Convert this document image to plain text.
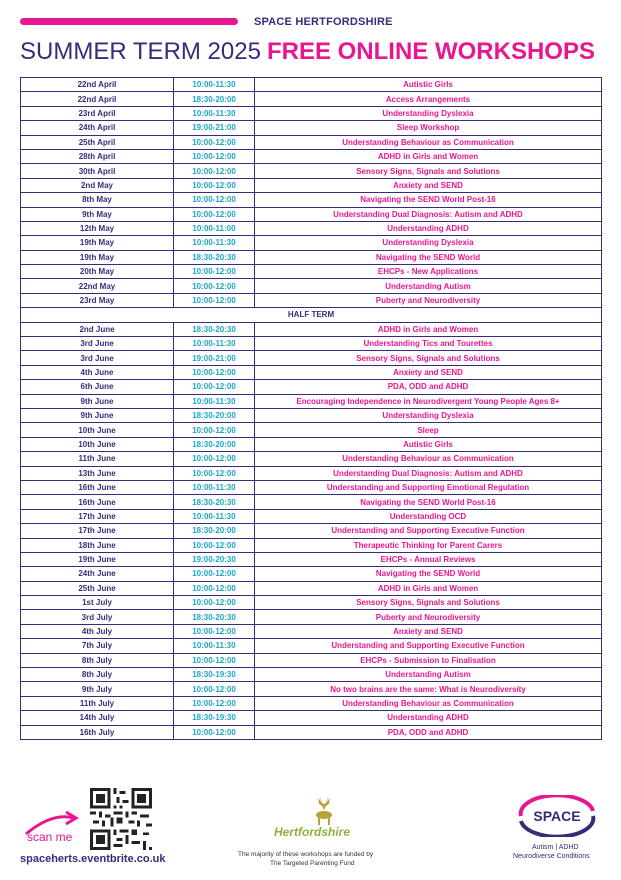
SPACE HERTFORDSHIRE
SUMMER TERM 2025 FREE ONLINE WORKSHOPS
22nd April	10:00-11:30	Autistic Girls
22nd April	18:30-20:00	Access Arrangements
23rd April	10:00-11:30	Understanding Dyslexia
24th April	19:00-21:00	Sleep Workshop
25th April	10:00-12:00	Understanding Behaviour as Communication
28th April	10:00-12:00	ADHD in Girls and Women
30th April	10:00-12:00	Sensory Signs, Signals and Solutions
2nd May	10:00-12:00	Anxiety and SEND
8th May	10:00-12:00	Navigating the SEND World Post-16
9th May	10:00-12:00	Understanding Dual Diagnosis: Autism and ADHD
12th May	10:00-11:00	Understanding ADHD
19th May	10:00-11:30	Understanding Dyslexia
19th May	18:30-20:30	Navigating the SEND World
20th May	10:00-12:00	EHCPs - New Applications
22nd May	10:00-12:00	Understanding Autism
23rd May	10:00-12:00	Puberty and Neurodiversity
HALF TERM		
2nd June	18:30-20:30	ADHD in Girls and Women
3rd June	10:00-11:30	Understanding Tics and Tourettes
3rd June	19:00-21:00	Sensory Signs, Signals and Solutions
4th June	10:00-12:00	Anxiety and SEND
6th June	10:00-12:00	PDA, ODD and ADHD
9th June	10:00-11:30	Encouraging Independence in Neurodivergent Young People Ages 8+
9th June	18:30-20:00	Understanding Dyslexia
10th June	10:00-12:00	Sleep
10th June	18:30-20:00	Autistic Girls
11th June	10:00-12:00	Understanding Behaviour as Communication
13th June	10:00-12:00	Understanding Dual Diagnosis: Autism and ADHD
16th June	10:00-11:30	Understanding and Supporting Emotional Regulation
16th June	18:30-20:30	Navigating the SEND World Post-16
17th June	10:00-11:30	Understanding OCD
17th June	18:30-20:00	Understanding and Supporting Executive Function
18th June	10:00-12:00	Therapeutic Thinking for Parent Carers
19th June	19:00-20:30	EHCPs - Annual Reviews
24th June	10:00-12:00	Navigating the SEND World
25th June	10:00-12:00	ADHD in Girls and Women
1st July	10:00-12:00	Sensory Signs, Signals and Solutions
3rd July	18:30-20:30	Puberty and Neurodiversity
4th July	10:00-12:00	Anxiety and SEND
7th July	10:00-11:30	Understanding and Supporting Executive Function
8th July	10:00-12:00	EHCPs - Submission to Finalisation
8th July	18:30-19:30	Understanding Autism
9th July	10:00-12:00	No two brains are the same: What is Neurodiversity
11th July	10:00-12:00	Understanding Behaviour as Communication
14th July	18:30-19:30	Understanding ADHD
16th July	10:00-12:00	PDA, ODD and ADHD
scan me
spaceherts.eventbrite.co.uk
Hertfordshire
The majority of these workshops are funded by
The Targeted Parenting Fund
SPACE
Autism | ADHD
Neurodiverse Conditions
